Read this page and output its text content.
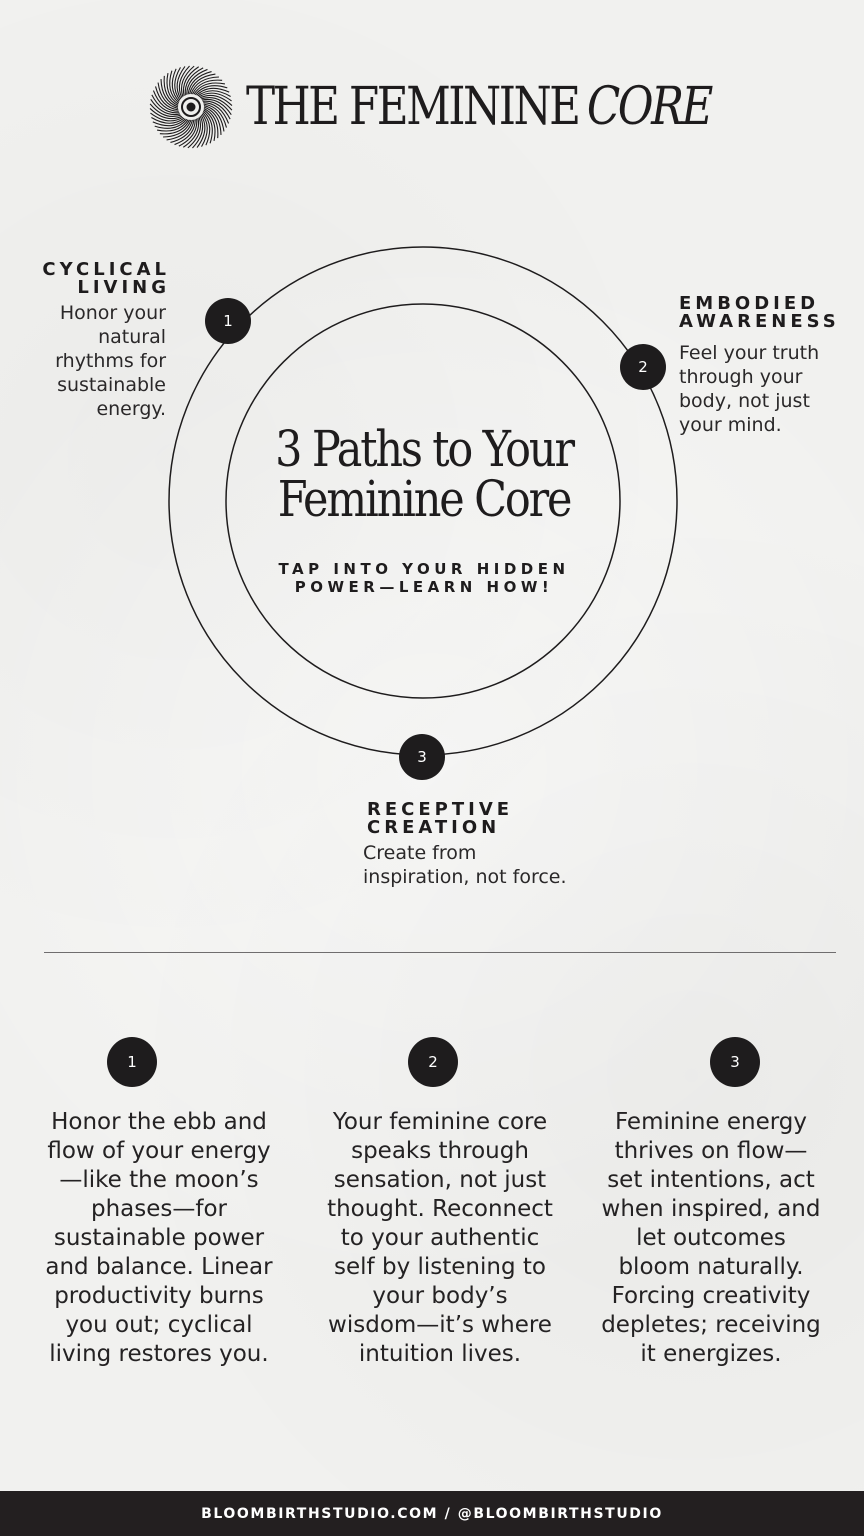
THE FEMININE CORE
1
2
3
CYCLICAL
LIVING
Honor your
natural
rhythms for
sustainable
energy.
EMBODIED
AWARENESS
Feel your truth
through your
body, not just
your mind.
RECEPTIVE
CREATION
Create from
inspiration, not force.
3 Paths to Your
Feminine Core
TAP INTO YOUR HIDDEN
POWER—LEARN HOW!
1	2	3
Honor the ebb and
flow of your energy
—like the moon’s
phases—for
sustainable power
and balance. Linear
productivity burns
you out; cyclical
living restores you.
Your feminine core
speaks through
sensation, not just
thought. Reconnect
to your authentic
self by listening to
your body’s
wisdom—it’s where
intuition lives.
Feminine energy
thrives on flow—
set intentions, act
when inspired, and
let outcomes
bloom naturally.
Forcing creativity
depletes; receiving
it energizes.
BLOOMBIRTHSTUDIO.COM / @BLOOMBIRTHSTUDIO
